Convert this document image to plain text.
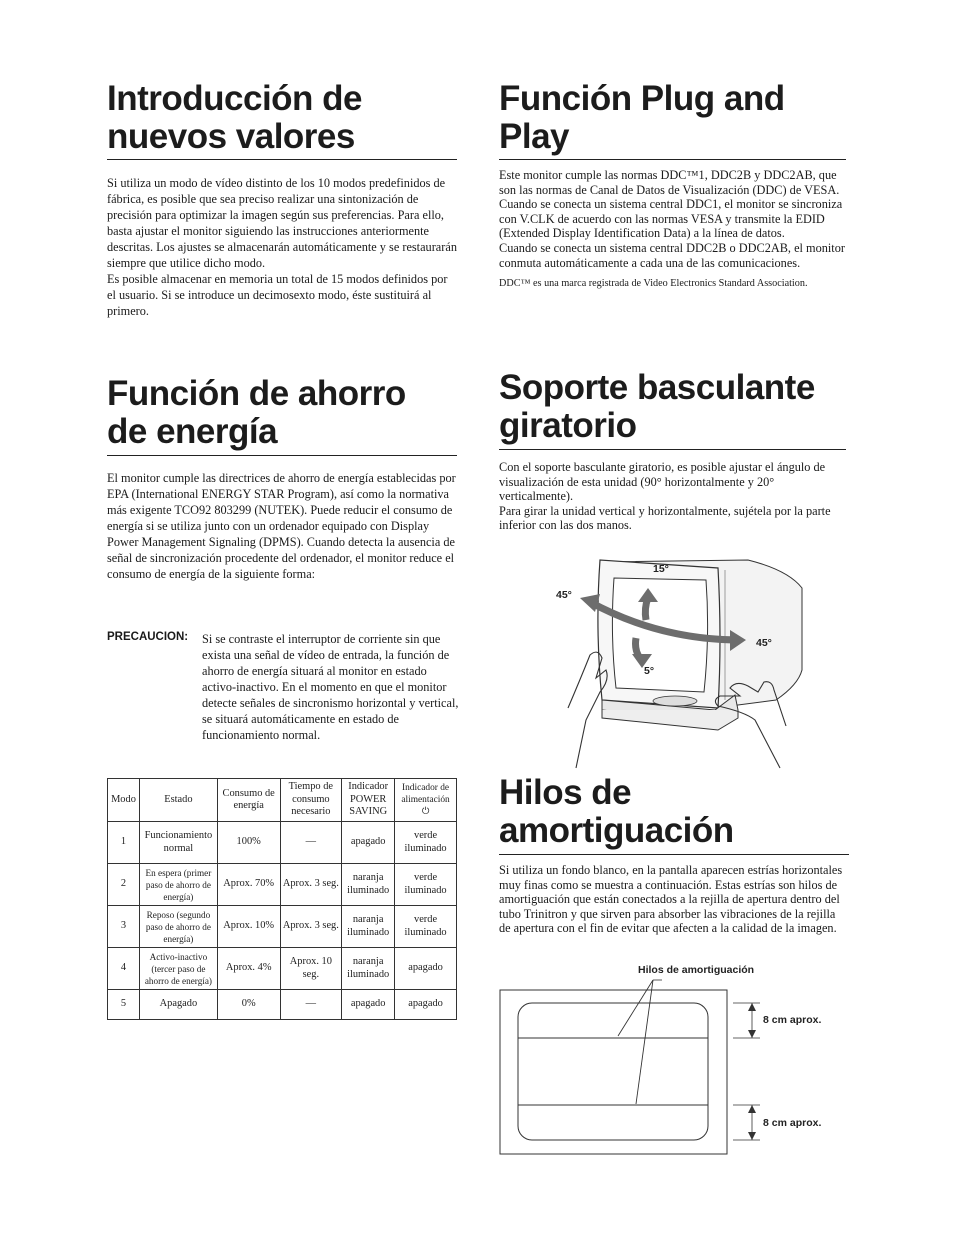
Introducción de
nuevos valores

Si utiliza un modo de vídeo distinto de los 10 modos predefinidos de fábrica, es posible que sea preciso realizar una sintonización de precisión para optimizar la imagen según sus preferencias. Para ello, basta ajustar el monitor siguiendo las instrucciones anteriormente descritas. Los ajustes se almacenarán automáticamente y se restaurarán siempre que utilice dicho modo.

Es posible almacenar en memoria un total de 15 modos definidos por el usuario. Si se introduce un decimosexto modo, éste sustituirá al primero.

Función de ahorro
de energía

El monitor cumple las directrices de ahorro de energía establecidas por EPA (International ENERGY STAR Program), así como la normativa más exigente TCO92 803299 (NUTEK). Puede reducir el consumo de energía si se utiliza junto con un ordenador equipado con Display Power Management Signaling (DPMS). Cuando detecta la ausencia de señal de sincronización procedente del ordenador, el monitor reduce el consumo de energía de la siguiente forma:

PRECAUCION: Si se contraste el interruptor de corriente sin que exista una señal de vídeo de entrada, la función de ahorro de energía situará al monitor en estado activo-inactivo. En el momento en que el monitor detecte señales de sincronismo horizontal y vertical, se situará automáticamente en estado de funcionamiento normal.

Modo	Estado	Consumo de energía	Tiempo de consumo necesario	Indicador POWER SAVING	Indicador de alimentación
⏻
1	Funcionamiento normal	100%	—	apagado	verde iluminado
2	En espera (primer paso de ahorro de energía)	Aprox. 70%	Aprox. 3 seg.	naranja iluminado	verde iluminado
3	Reposo (segundo paso de ahorro de energía)	Aprox. 10%	Aprox. 3 seg.	naranja iluminado	verde iluminado
4	Activo-inactivo (tercer paso de ahorro de energía)	Aprox. 4%	Aprox. 10 seg.	naranja iluminado	apagado
5	Apagado	0%	—	apagado	apagado
Función Plug and
Play

Este monitor cumple las normas DDC™1, DDC2B y DDC2AB, que son las normas de Canal de Datos de Visualización (DDC) de VESA.

Cuando se conecta un sistema central DDC1, el monitor se sincroniza con V.CLK de acuerdo con las normas VESA y transmite la EDID (Extended Display Identification Data) a la línea de datos.

Cuando se conecta un sistema central DDC2B o DDC2AB, el monitor conmuta automáticamente a cada una de las comunicaciones.

DDC™ es una marca registrada de Video Electronics Standard Association.

Soporte basculante
giratorio

Con el soporte basculante giratorio, es posible ajustar el ángulo de visualización de esta unidad (90° horizontalmente y 20° verticalmente).

Para girar la unidad vertical y horizontalmente, sujétela por la parte inferior con las dos manos.

15°
5°
45°
45°
Hilos de
amortiguación

Si utiliza un fondo blanco, en la pantalla aparecen estrías horizontales muy finas como se muestra a continuación. Estas estrías son hilos de amortiguación que están conectados a la rejilla de apertura dentro del tubo Trinitron y que sirven para absorber las vibraciones de la rejilla de apertura con el fin de evitar que afecten a la calidad de la imagen.

Hilos de amortiguación
8 cm aprox.
8 cm aprox.
